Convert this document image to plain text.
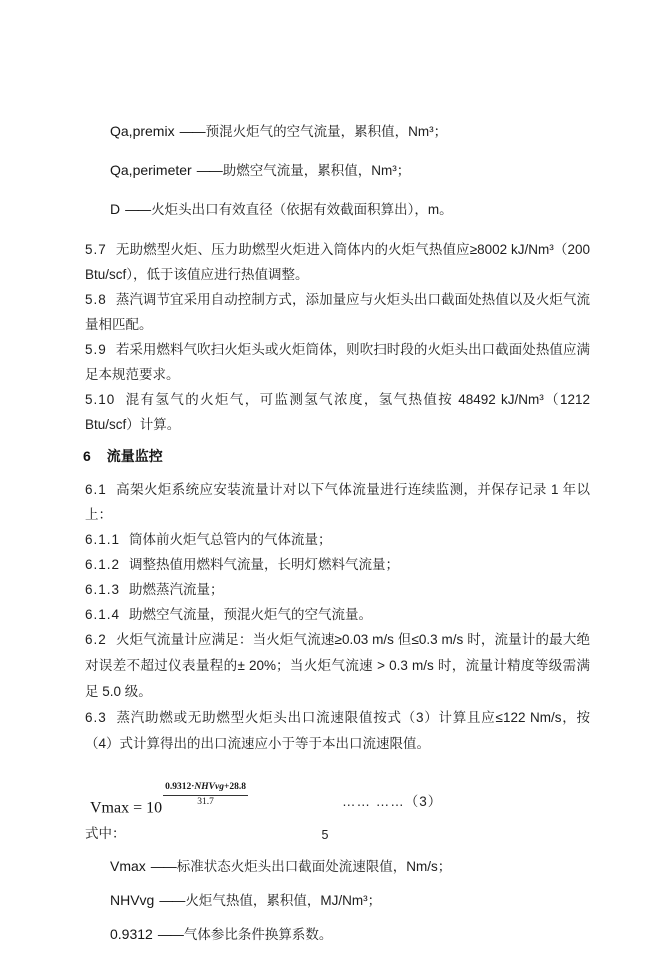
Qa,premix ——预混火炬气的空气流量，累积值，Nm³；

Qa,perimeter ——助燃空气流量，累积值，Nm³；

D ——火炬头出口有效直径（依据有效截面积算出），m。

5.7 无助燃型火炬、压力助燃型火炬进入筒体内的火炬气热值应≥8002 kJ/Nm³（200 Btu/scf），低于该值应进行热值调整。

5.8 蒸汽调节宜采用自动控制方式，添加量应与火炬头出口截面处热值以及火炬气流量相匹配。

5.9 若采用燃料气吹扫火炬头或火炬筒体，则吹扫时段的火炬头出口截面处热值应满足本规范要求。

5.10 混有氢气的火炬气，可监测氢气浓度，氢气热值按 48492 kJ/Nm³（1212 Btu/scf）计算。

6 流量监控

6.1 高架火炬系统应安装流量计对以下气体流量进行连续监测，并保存记录 1 年以上：

6.1.1 筒体前火炬气总管内的气体流量；

6.1.2 调整热值用燃料气流量，长明灯燃料气流量；

6.1.3 助燃蒸汽流量；

6.1.4 助燃空气流量，预混火炬气的空气流量。

6.2 火炬气流量计应满足：当火炬气流速≥0.03 m/s 但≤0.3 m/s 时，流量计的最大绝对误差不超过仪表量程的± 20%；当火炬气流速 > 0.3 m/s 时，流量计精度等级需满足 5.0 级。

6.3 蒸汽助燃或无助燃型火炬头出口流速限值按式（3）计算且应≤122 Nm/s，按（4）式计算得出的出口流速应小于等于本出口流速限值。

Vmax = 10
$\frac{\text{0.9312·NHVvg+28.8}}{31.7}$	…… ……（3）

式中：

Vmax ——标准状态火炬头出口截面处流速限值，Nm/s；

NHVvg ——火炬气热值，累积值，MJ/Nm³；

0.9312 ——气体参比条件换算系数。

5
